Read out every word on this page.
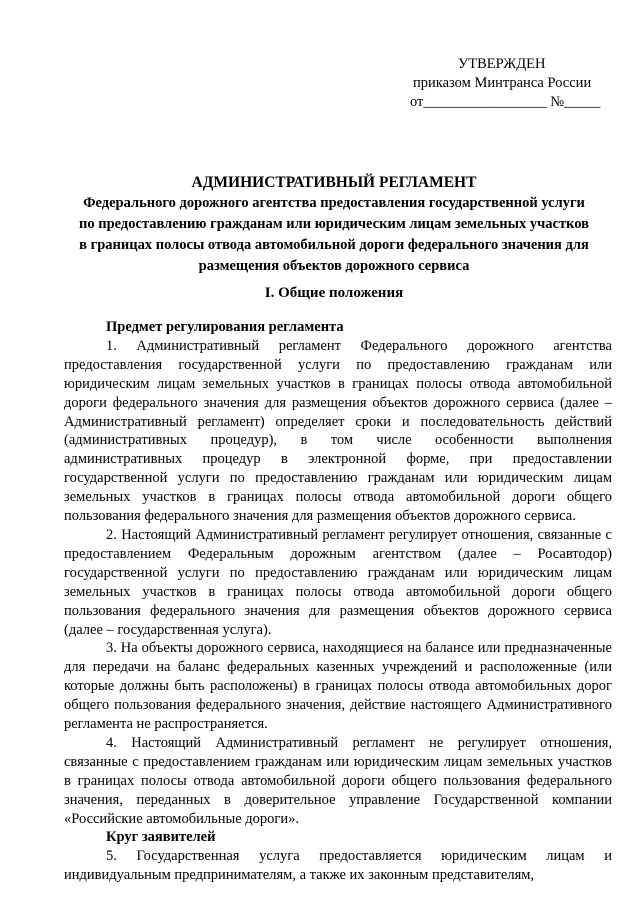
УТВЕРЖДЕН
приказом Минтранса России
от_________________ №_____
АДМИНИСТРАТИВНЫЙ РЕГЛАМЕНТ
Федерального дорожного агентства предоставления государственной услуги
по предоставлению гражданам или юридическим лицам земельных участков
в границах полосы отвода автомобильной дороги федерального значения для
размещения объектов дорожного сервиса
I. Общие положения

Предмет регулирования регламента

1. Административный регламент Федерального дорожного агентства предоставления государственной услуги по предоставлению гражданам или юридическим лицам земельных участков в границах полосы отвода автомобильной дороги федерального значения для размещения объектов дорожного сервиса (далее – Административный регламент) определяет сроки и последовательность действий (административных процедур), в том числе особенности выполнения административных процедур в электронной форме, при предоставлении государственной услуги по предоставлению гражданам или юридическим лицам земельных участков в границах полосы отвода автомобильной дороги общего пользования федерального значения для размещения объектов дорожного сервиса.

2. Настоящий Административный регламент регулирует отношения, связанные с предоставлением Федеральным дорожным агентством (далее – Росавтодор) государственной услуги по предоставлению гражданам или юридическим лицам земельных участков в границах полосы отвода автомобильной дороги общего пользования федерального значения для размещения объектов дорожного сервиса (далее – государственная услуга).

3. На объекты дорожного сервиса, находящиеся на балансе или предназначенные для передачи на баланс федеральных казенных учреждений и расположенные (или которые должны быть расположены) в границах полосы отвода автомобильных дорог общего пользования федерального значения, действие настоящего Административного регламента не распространяется.

4. Настоящий Административный регламент не регулирует отношения, связанные с предоставлением гражданам или юридическим лицам земельных участков в границах полосы отвода автомобильной дороги общего пользования федерального значения, переданных в доверительное управление Государственной компании «Российские автомобильные дороги».

Круг заявителей

5. Государственная услуга предоставляется юридическим лицам и индивидуальным предпринимателям, а также их законным представителям,
